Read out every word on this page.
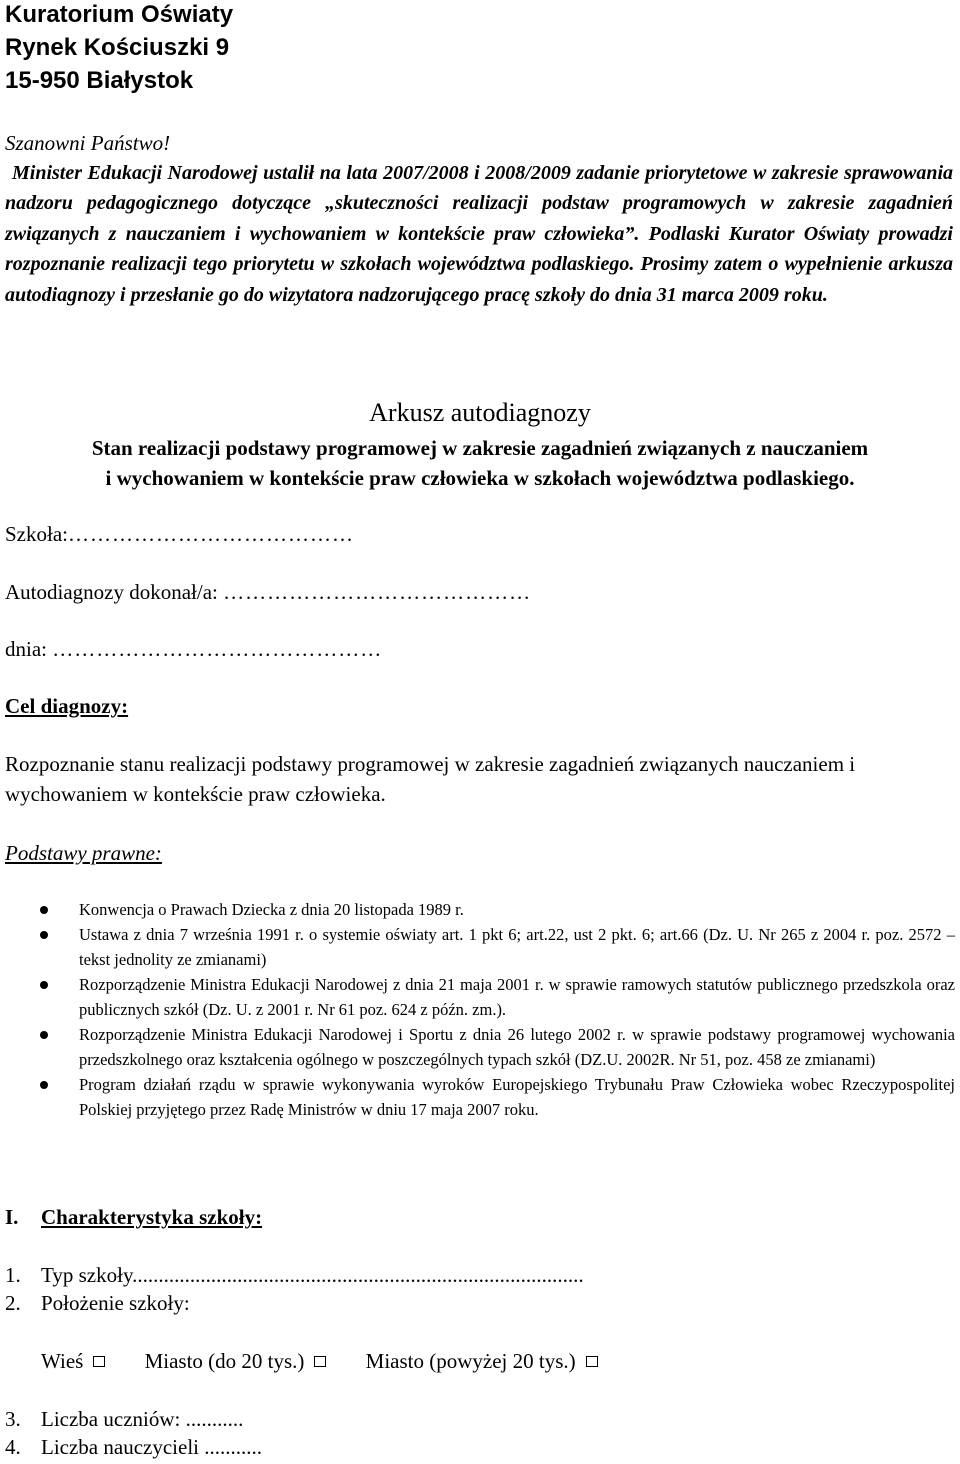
Kuratorium Oświaty
Rynek Kościuszki 9
15-950 Białystok
Szanowni Państwo!

Minister Edukacji Narodowej ustalił na lata 2007/2008 i 2008/2009 zadanie priorytetowe w zakresie sprawowania nadzoru pedagogicznego dotyczące „skuteczności realizacji podstaw programowych w zakresie zagadnień związanych z nauczaniem i wychowaniem w kontekście praw człowieka”. Podlaski Kurator Oświaty prowadzi rozpoznanie realizacji tego priorytetu w szkołach województwa podlaskiego. Prosimy zatem o wypełnienie arkusza autodiagnozy i przesłanie go do wizytatora nadzorującego pracę szkoły do dnia 31 marca 2009 roku.

Arkusz autodiagnozy
Stan realizacji podstawy programowej w zakresie zagadnień związanych z nauczaniem
i wychowaniem w kontekście praw człowieka w szkołach województwa podlaskiego.
Szkoła:…………………………………
Autodiagnozy dokonał/a: ……………………………………
dnia: ………………………………………
Cel diagnozy:
Rozpoznanie stanu realizacji podstawy programowej w zakresie zagadnień związanych nauczaniem i wychowaniem w kontekście praw człowieka.
Podstawy prawne:
Konwencja o Prawach Dziecka z dnia 20 listopada 1989 r.
Ustawa z dnia 7 września 1991 r. o systemie oświaty art. 1 pkt 6; art.22, ust 2 pkt. 6; art.66 (Dz. U. Nr 265 z 2004 r. poz. 2572 – tekst jednolity ze zmianami)
Rozporządzenie Ministra Edukacji Narodowej z dnia 21 maja 2001 r. w sprawie ramowych statutów publicznego przedszkola oraz publicznych szkół (Dz. U. z 2001 r. Nr 61 poz. 624 z późn. zm.).
Rozporządzenie Ministra Edukacji Narodowej i Sportu z dnia 26 lutego 2002 r. w sprawie podstawy programowej wychowania przedszkolnego oraz kształcenia ogólnego w poszczególnych typach szkół (DZ.U. 2002R. Nr 51, poz. 458 ze zmianami)
Program działań rządu w sprawie wykonywania wyroków Europejskiego Trybunału Praw Człowieka wobec Rzeczypospolitej Polskiej przyjętego przez Radę Ministrów w dniu 17 maja 2007 roku.
I. Charakterystyka szkoły:
1. Typ szkoły......................................................................................
2. Położenie szkoły:
Wieś	Miasto (do 20 tys.)	Miasto (powyżej 20 tys.)
3. Liczba uczniów: ...........
4. Liczba nauczycieli ...........
